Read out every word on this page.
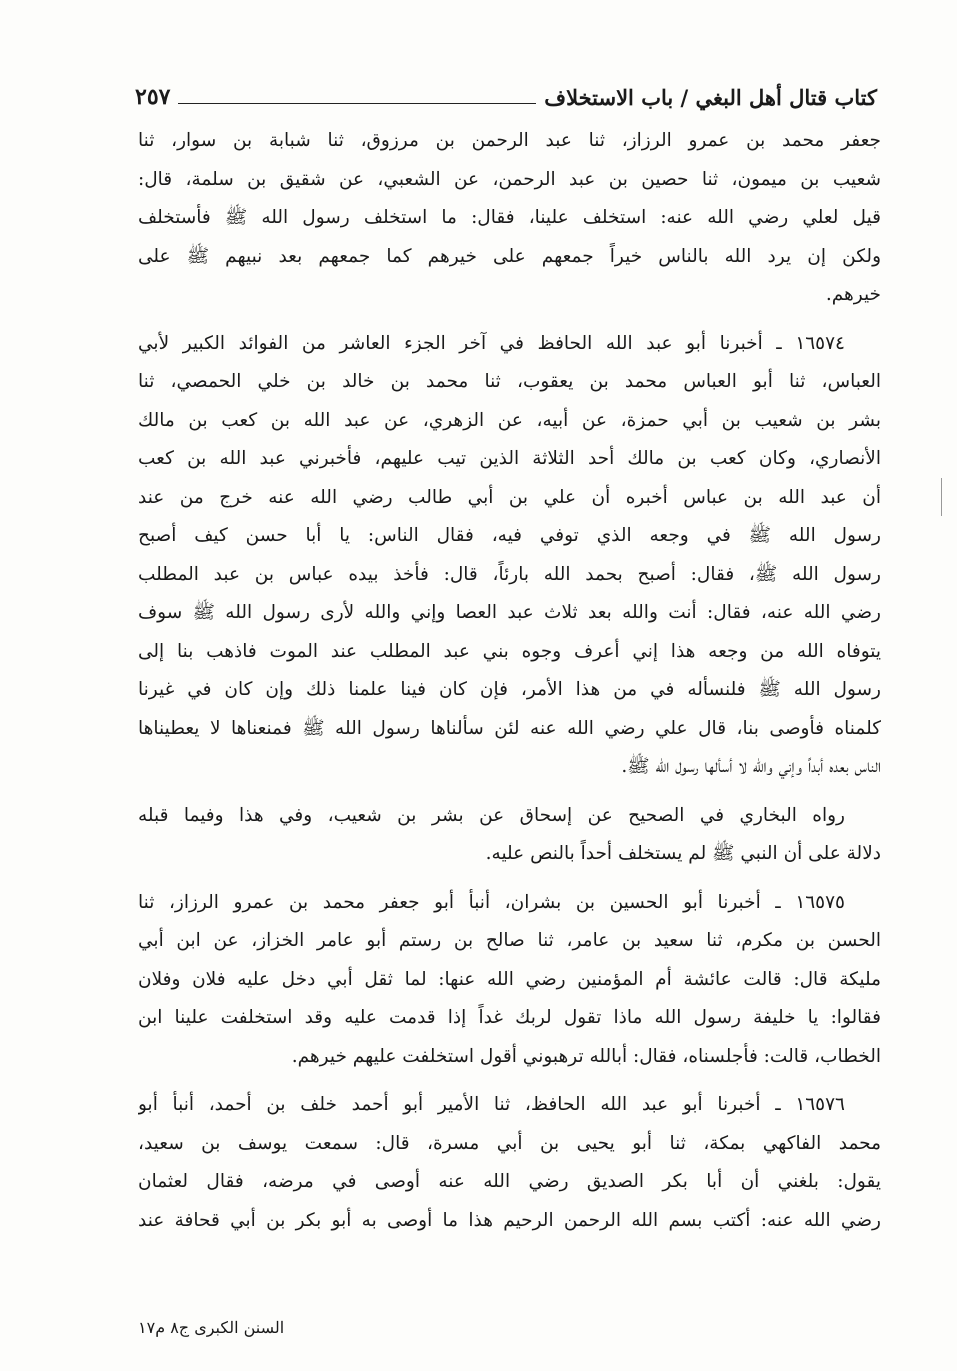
كتاب قتال أهل البغي / باب الاستخلاف
٢٥٧
جعفر محمد بن عمرو الرزاز، ثنا عبد الرحمن بن مرزوق، ثنا شبابة بن سوار، ثنا
شعيب بن ميمون، ثنا حصين بن عبد الرحمن، عن الشعبي، عن شقيق بن سلمة، قال:
قيل لعلي رضي الله عنه: استخلف علينا، فقال: ما استخلف رسول الله ﷺ فأستخلف
ولكن إن يرد الله بالناس خيراً جمعهم على خيرهم كما جمعهم بعد نبيهم ﷺ على
خيرهم.
١٦٥٧٤ ـ أخبرنا أبو عبد الله الحافظ في آخر الجزء العاشر من الفوائد الكبير لأبي
العباس، ثنا أبو العباس محمد بن يعقوب، ثنا محمد بن خالد بن خلي الحمصي، ثنا
بشر بن شعيب بن أبي حمزة، عن أبيه، عن الزهري، عن عبد الله بن كعب بن مالك
الأنصاري، وكان كعب بن مالك أحد الثلاثة الذين تيب عليهم، فأخبرني عبد الله بن كعب
أن عبد الله بن عباس أخبره أن علي بن أبي طالب رضي الله عنه خرج من عند
رسول الله ﷺ في وجعه الذي توفي فيه، فقال الناس: يا أبا حسن كيف أصبح
رسول الله ﷺ، فقال: أصبح بحمد الله بارئاً، قال: فأخذ بيده عباس بن عبد المطلب
رضي الله عنه، فقال: أنت والله بعد ثلاث عبد العصا وإني والله لأرى رسول الله ﷺ سوف
يتوفاه الله من وجعه هذا إني أعرف وجوه بني عبد المطلب عند الموت فاذهب بنا إلى
رسول الله ﷺ فلنسأله في من هذا الأمر، فإن كان فينا علمنا ذلك وإن كان في غيرنا
كلمناه فأوصى بنا، قال علي رضي الله عنه لئن سألناها رسول الله ﷺ فمنعناها لا يعطيناها
الناس بعده أبداً وإني والله لا أسألها رسول الله ﷺ.
رواه البخاري في الصحيح عن إسحاق عن بشر بن شعيب، وفي هذا وفيما قبله
دلالة على أن النبي ﷺ لم يستخلف أحداً بالنص عليه.
١٦٥٧٥ ـ أخبرنا أبو الحسين بن بشران، أنبأ أبو جعفر محمد بن عمرو الرزاز، ثنا
الحسن بن مكرم، ثنا سعيد بن عامر، ثنا صالح بن رستم أبو عامر الخزاز، عن ابن أبي
مليكة قال: قالت عائشة أم المؤمنين رضي الله عنها: لما ثقل أبي دخل عليه فلان وفلان
فقالوا: يا خليفة رسول الله ماذا تقول لربك غداً إذا قدمت عليه وقد استخلفت علينا ابن
الخطاب، قالت: فأجلسناه، فقال: أبالله ترهبوني أقول استخلفت عليهم خيرهم.
١٦٥٧٦ ـ أخبرنا أبو عبد الله الحافظ، ثنا الأمير أبو أحمد خلف بن أحمد، أنبأ أبو
محمد الفاكهي بمكة، ثنا أبو يحيى بن أبي مسرة، قال: سمعت يوسف بن سعيد،
يقول: بلغني أن أبا بكر الصديق رضي الله عنه أوصى في مرضه، فقال لعثمان
رضي الله عنه: أكتب بسم الله الرحمن الرحيم هذا ما أوصى به أبو بكر بن أبي قحافة عند
السنن الكبرى ج٨ م١٧
